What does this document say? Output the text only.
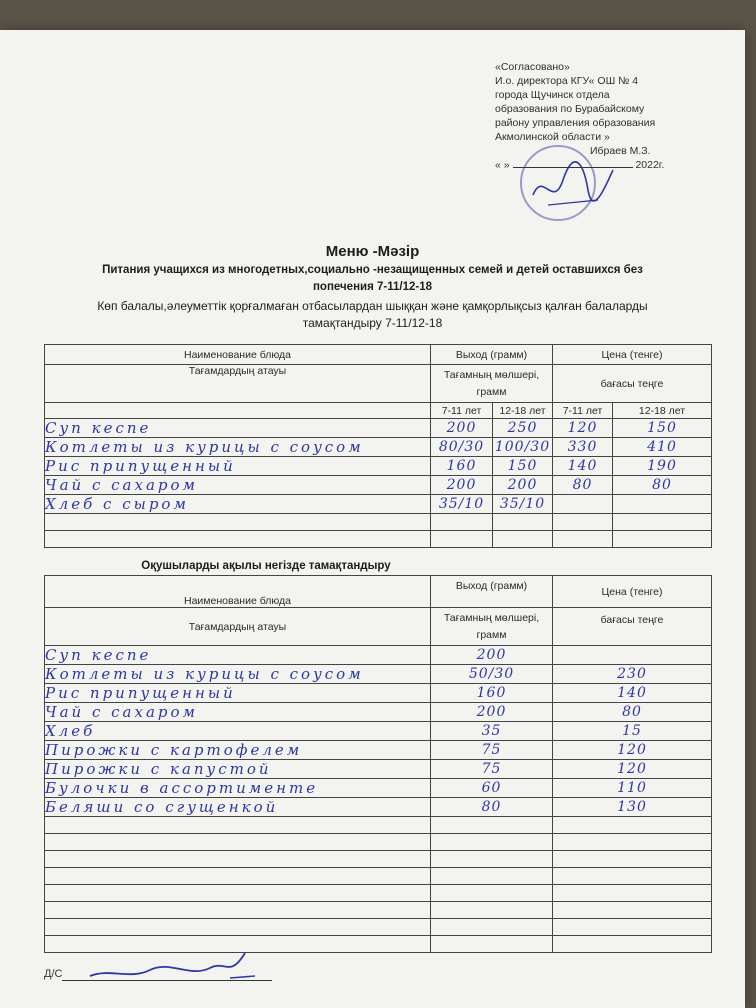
«Согласовано»
И.о. директора КГУ« ОШ № 4
города Щучинск отдела
образования по Бурабайскому
району управления образования
Акмолинской области »
Ибраев М.З.
« »	2022г.
Меню -Мәзір
Питания учащихся из многодетных,социально -незащищенных семей и детей оставшихся без
попечения 7-11/12-18
Көп балалы,әлеуметтік қорғалмаған отбасылардан шыққан және қамқорлықсыз қалған балаларды
тамақтандыру 7-11/12-18
Наименование блюда	Выход (грамм)		Цена (тенге)	
Тағамдардың атауы	Тағамның мөлшері, грамм		бағасы теңге	
	7-11 лет	12-18 лет	7-11 лет	12-18 лет
Суп кеспе	200	250	120	150
Котлеты из курицы с соусом	80/30	100/30	330	410
Рис припущенный	160	150	140	190
Чай с сахаром	200	200	80	80
Хлеб с сыром	35/10	35/10		

Оқушыларды ақылы негізде тамақтандыру
Наименование блюда	Выход (грамм)	Цена (тенге)
Тағамдардың атауы	Тағамның мөлшері, грамм	бағасы теңге
Суп кеспе	200	
Котлеты из курицы с соусом	50/30	230
Рис припущенный	160	140
Чай с сахаром	200	80
Хлеб	35	15
Пирожки с картофелем	75	120
Пирожки с капустой	75	120
Булочки в ассортименте	60	110
Беляши со сгущенкой	80	130

Д/С
